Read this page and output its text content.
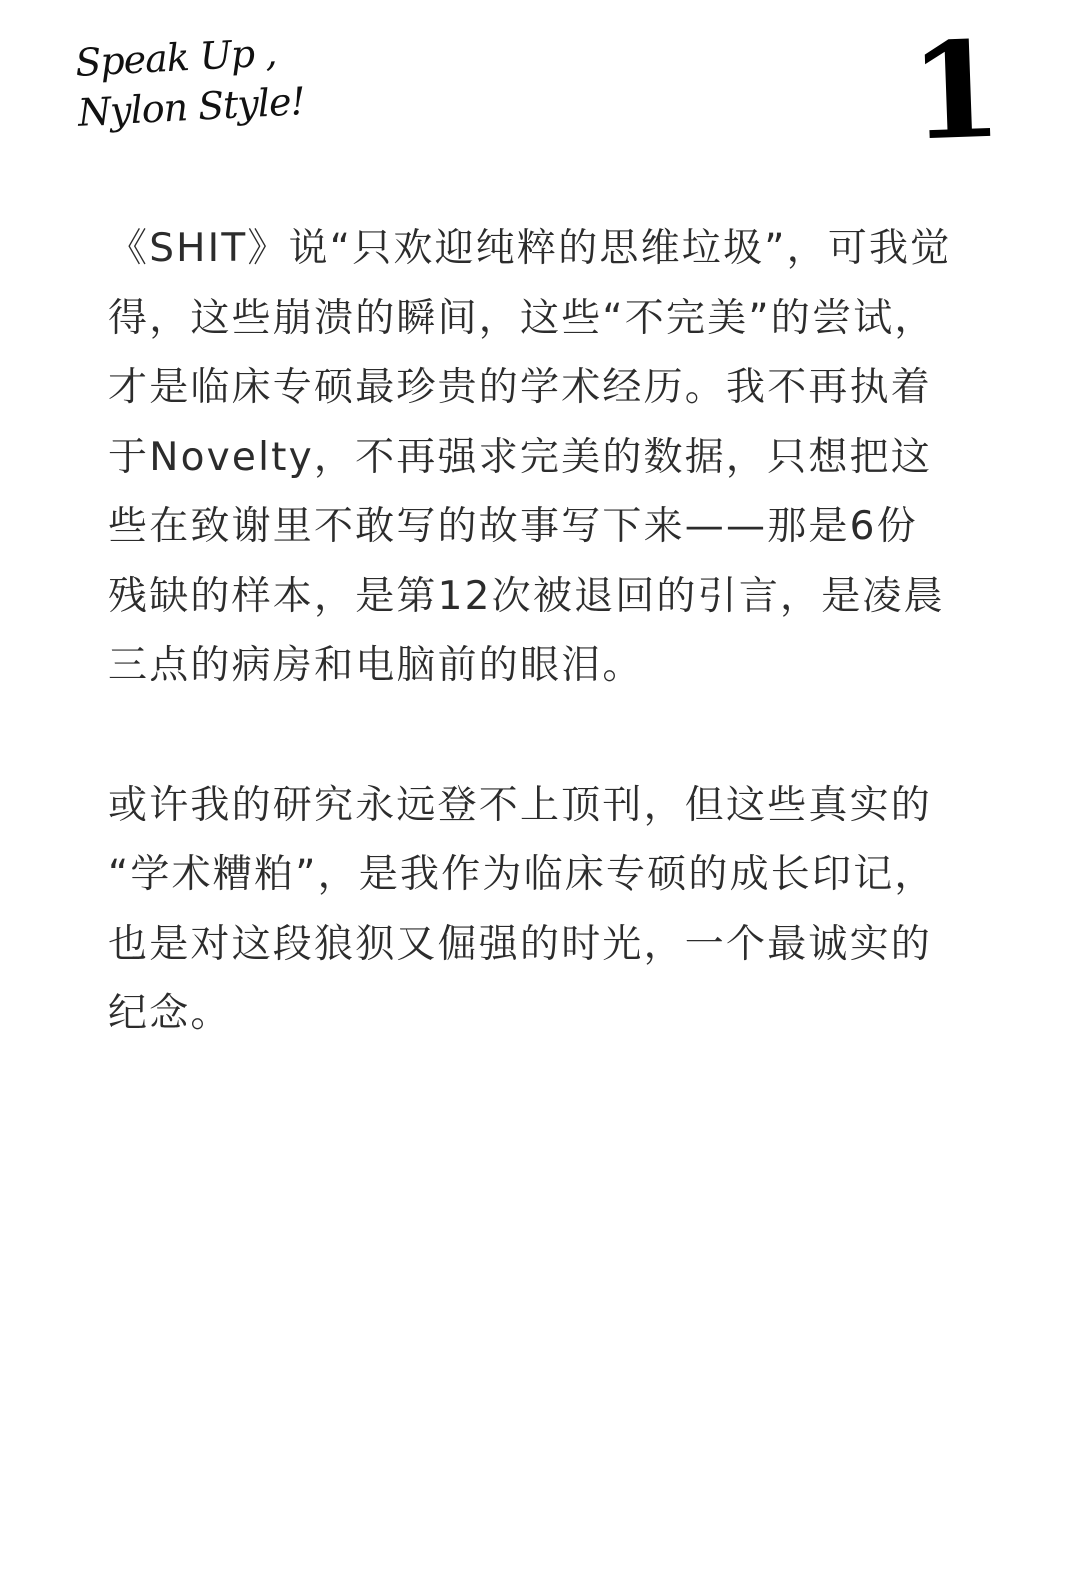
Speak Up ,
Nylon Style!	1

《SHIT》说“只欢迎纯粹的思维垃圾”，可我觉
得，这些崩溃的瞬间，这些“不完美”的尝试，
才是临床专硕最珍贵的学术经历。我不再执着
于Novelty，不再强求完美的数据，只想把这
些在致谢里不敢写的故事写下来——那是6份
残缺的样本，是第12次被退回的引言，是凌晨
三点的病房和电脑前的眼泪。

或许我的研究永远登不上顶刊，但这些真实的
“学术糟粕”，是我作为临床专硕的成长印记，
也是对这段狼狈又倔强的时光，一个最诚实的
纪念。
